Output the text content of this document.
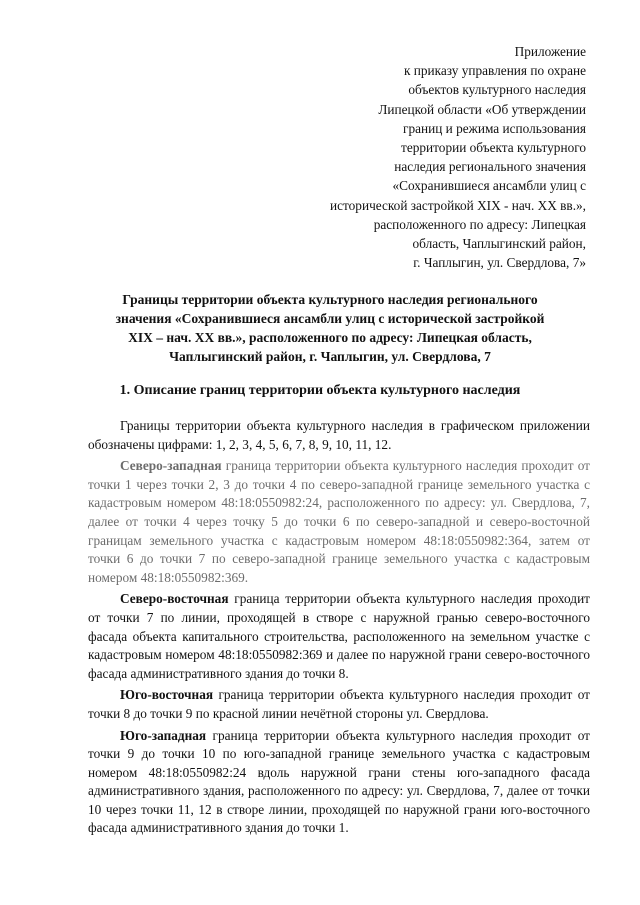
Приложение
к приказу управления по охране
объектов культурного наследия
Липецкой области «Об утверждении
границ и режима использования
территории объекта культурного
наследия регионального значения
«Сохранившиеся ансамбли улиц с
исторической застройкой XIX - нач. XX вв.»,
расположенного по адресу: Липецкая
область, Чаплыгинский район,
г. Чаплыгин, ул. Свердлова, 7»
Границы территории объекта культурного наследия регионального
значения «Сохранившиеся ансамбли улиц с исторической застройкой
XIX – нач. XX вв.», расположенного по адресу: Липецкая область,
Чаплыгинский район, г. Чаплыгин, ул. Свердлова, 7
1. Описание границ территории объекта культурного наследия

Границы территории объекта культурного наследия в графическом приложении обозначены цифрами: 1, 2, 3, 4, 5, 6, 7, 8, 9, 10, 11, 12.

Северо-западная граница территории объекта культурного наследия проходит от точки 1 через точки 2, 3 до точки 4 по северо-западной границе земельного участка с кадастровым номером 48:18:0550982:24, расположенного по адресу: ул. Свердлова, 7, далее от точки 4 через точку 5 до точки 6 по северо-западной и северо-восточной границам земельного участка с кадастровым номером 48:18:0550982:364, затем от точки 6 до точки 7 по северо-западной границе земельного участка с кадастровым номером 48:18:0550982:369.

Северо-восточная граница территории объекта культурного наследия проходит от точки 7 по линии, проходящей в створе с наружной гранью северо-восточного фасада объекта капитального строительства, расположенного на земельном участке с кадастровым номером 48:18:0550982:369 и далее по наружной грани северо-восточного фасада административного здания до точки 8.

Юго-восточная граница территории объекта культурного наследия проходит от точки 8 до точки 9 по красной линии нечётной стороны ул. Свердлова.

Юго-западная граница территории объекта культурного наследия проходит от точки 9 до точки 10 по юго-западной границе земельного участка с кадастровым номером 48:18:0550982:24 вдоль наружной грани стены юго-западного фасада административного здания, расположенного по адресу: ул. Свердлова, 7, далее от точки 10 через точки 11, 12 в створе линии, проходящей по наружной грани юго-восточного фасада административного здания до точки 1.
